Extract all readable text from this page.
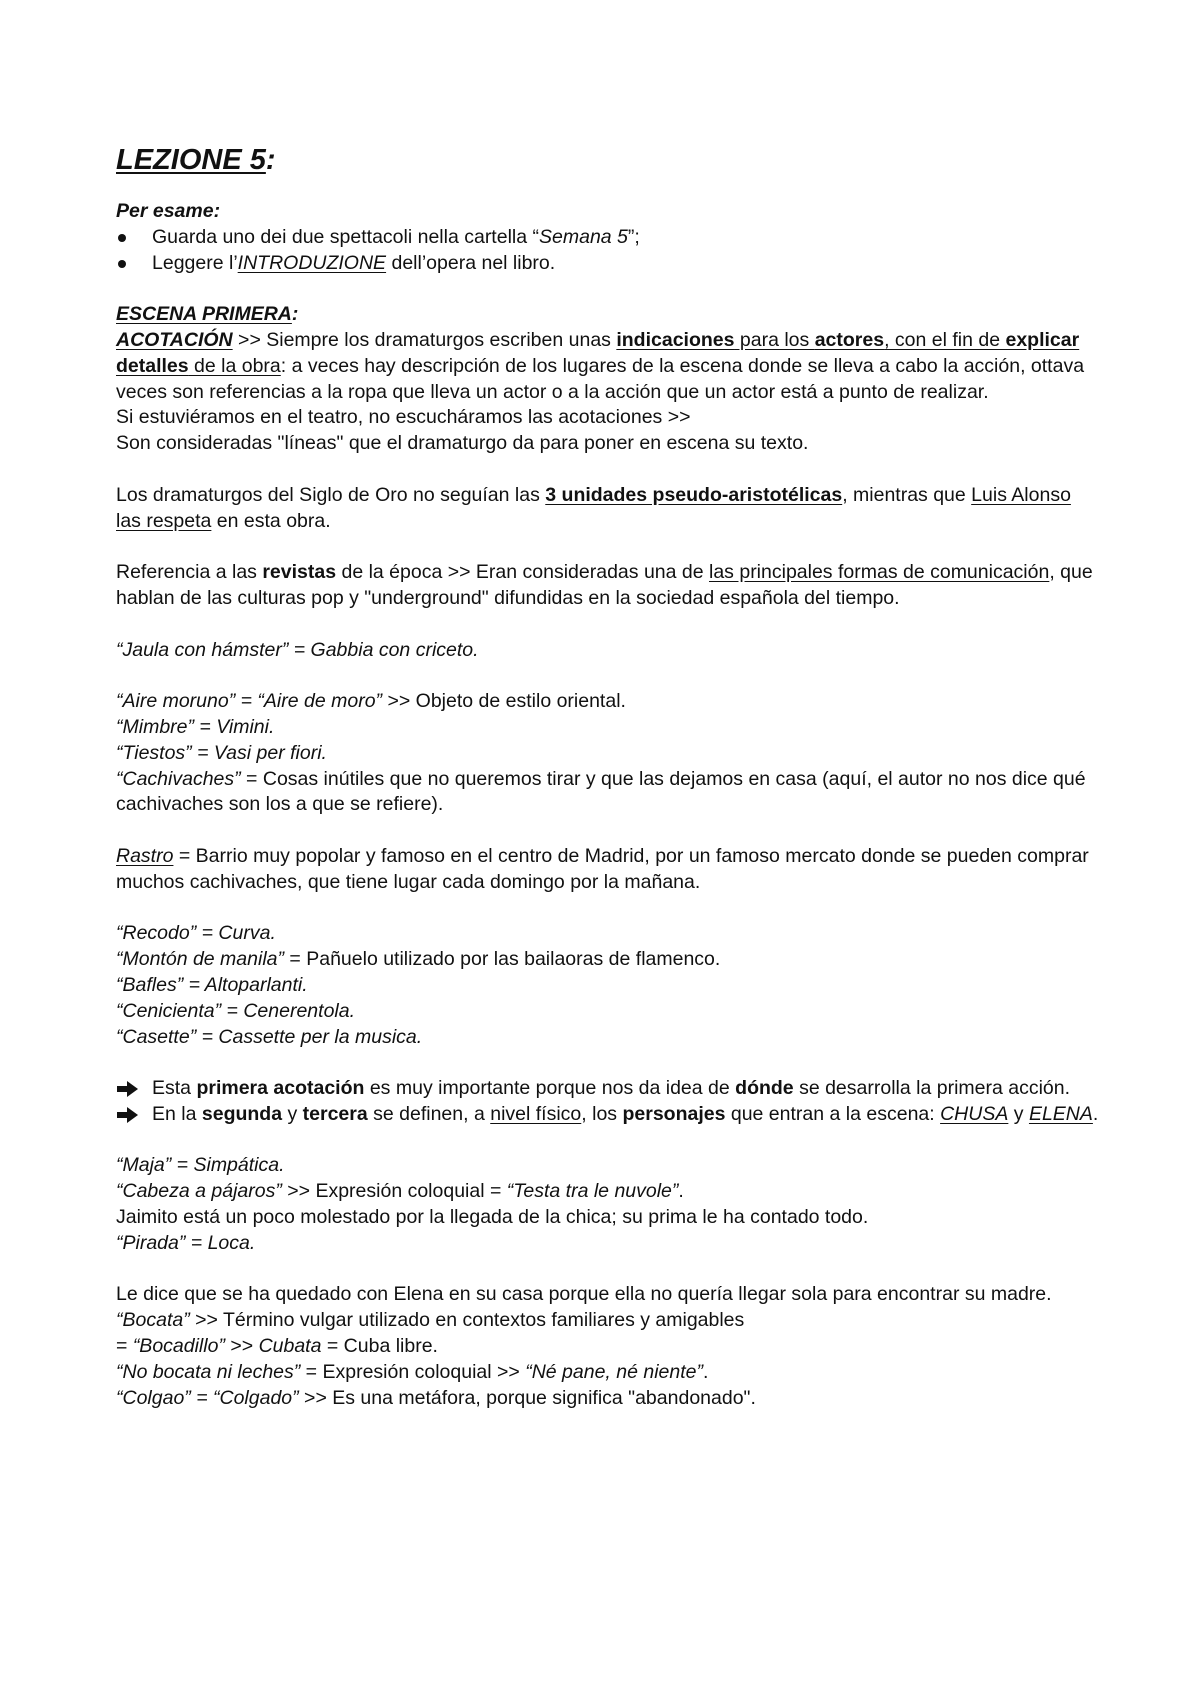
LEZIONE 5:

Per esame:

Guarda uno dei due spettacoli nella cartella “Semana 5”;
Leggere l’INTRODUZIONE dell’opera nel libro.

ESCENA PRIMERA:

ACOTACIÓN >> Siempre los dramaturgos escriben unas indicaciones para los actores, con el fin de explicar detalles de la obra: a veces hay descripción de los lugares de la escena donde se lleva a cabo la acción, ottava veces son referencias a la ropa que lleva un actor o a la acción que un actor está a punto de realizar.

Si estuviéramos en el teatro, no escucháramos las acotaciones >>

Son consideradas "líneas" que el dramaturgo da para poner en escena su texto.

Los dramaturgos del Siglo de Oro no seguían las 3 unidades pseudo-aristotélicas, mientras que Luis Alonso las respeta en esta obra.

Referencia a las revistas de la época >> Eran consideradas una de las principales formas de comunicación, que hablan de las culturas pop y "underground" difundidas en la sociedad española del tiempo.

“Jaula con hámster” = Gabbia con criceto.

“Aire moruno” = “Aire de moro” >> Objeto de estilo oriental.

“Mimbre” = Vimini.

“Tiestos” = Vasi per fiori.

“Cachivaches” = Cosas inútiles que no queremos tirar y que las dejamos en casa (aquí, el autor no nos dice qué cachivaches son los a que se refiere).

Rastro = Barrio muy popolar y famoso en el centro de Madrid, por un famoso mercato donde se pueden comprar muchos cachivaches, que tiene lugar cada domingo por la mañana.

“Recodo” = Curva.

“Montón de manila” = Pañuelo utilizado por las bailaoras de flamenco.

“Bafles” = Altoparlanti.

“Cenicienta” = Cenerentola.

“Casette” = Cassette per la musica.

Esta primera acotación es muy importante porque nos da idea de dónde se desarrolla la primera acción.
En la segunda y tercera se definen, a nivel físico, los personajes que entran a la escena: CHUSA y ELENA.

“Maja” = Simpática.

“Cabeza a pájaros” >> Expresión coloquial = “Testa tra le nuvole”.

Jaimito está un poco molestado por la llegada de la chica; su prima le ha contado todo.

“Pirada” = Loca.

Le dice que se ha quedado con Elena en su casa porque ella no quería llegar sola para encontrar su madre.

“Bocata” >> Término vulgar utilizado en contextos familiares y amigables

= “Bocadillo” >> Cubata = Cuba libre.

“No bocata ni leches” = Expresión coloquial >> “Né pane, né niente”.

“Colgao” = “Colgado” >> Es una metáfora, porque significa "abandonado".
